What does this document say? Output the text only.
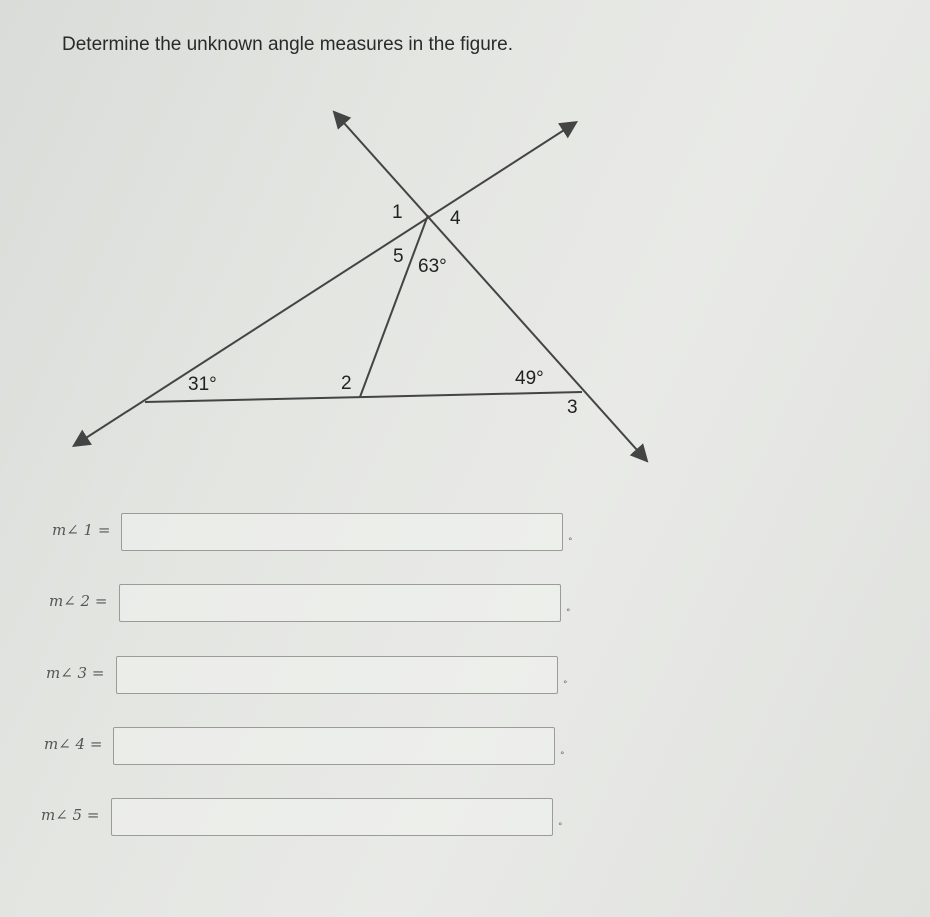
Determine the unknown angle measures in the figure.
1 4
5 63°
31°	2	49°
3
m∠ 1 =
°
m∠ 2 =
°
m∠ 3 =
°
m∠ 4 =
°
m∠ 5 =
°
